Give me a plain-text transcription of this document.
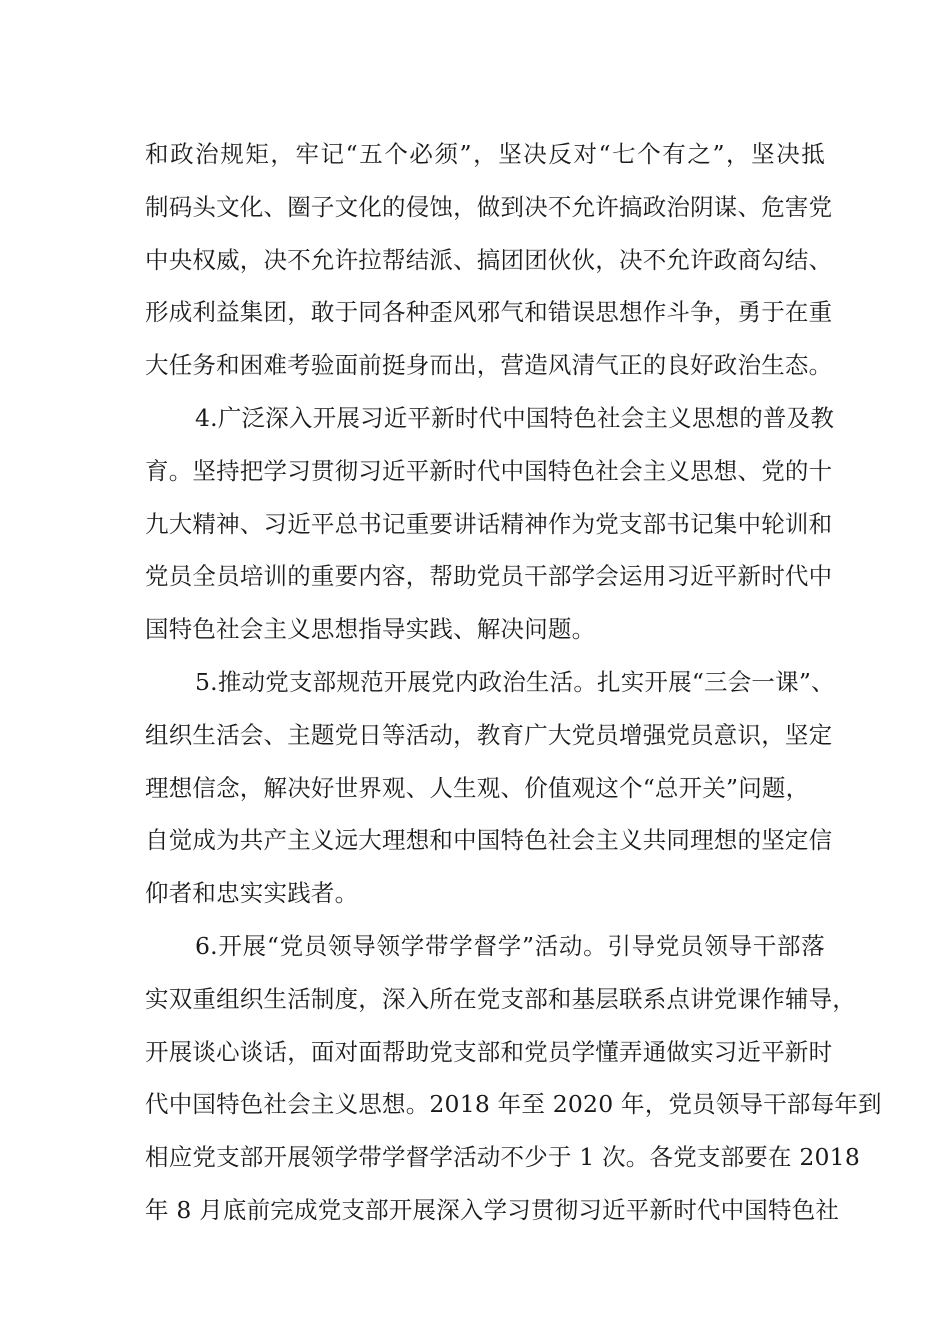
和政治规矩，牢记“五个必须”，坚决反对“七个有之”，坚决抵
制码头文化、圈子文化的侵蚀，做到决不允许搞政治阴谋、危害党
中央权威，决不允许拉帮结派、搞团团伙伙，决不允许政商勾结、
形成利益集团，敢于同各种歪风邪气和错误思想作斗争，勇于在重
大任务和困难考验面前挺身而出，营造风清气正的良好政治生态。
4.广泛深入开展习近平新时代中国特色社会主义思想的普及教
育。坚持把学习贯彻习近平新时代中国特色社会主义思想、党的十
九大精神、习近平总书记重要讲话精神作为党支部书记集中轮训和
党员全员培训的重要内容，帮助党员干部学会运用习近平新时代中
国特色社会主义思想指导实践、解决问题。
5.推动党支部规范开展党内政治生活。扎实开展“三会一课”、
组织生活会、主题党日等活动，教育广大党员增强党员意识，坚定
理想信念，解决好世界观、人生观、价值观这个“总开关”问题，
自觉成为共产主义远大理想和中国特色社会主义共同理想的坚定信
仰者和忠实实践者。
6.开展“党员领导领学带学督学”活动。引导党员领导干部落
实双重组织生活制度，深入所在党支部和基层联系点讲党课作辅导，
开展谈心谈话，面对面帮助党支部和党员学懂弄通做实习近平新时
代中国特色社会主义思想。2018 年至 2020 年，党员领导干部每年到
相应党支部开展领学带学督学活动不少于 1 次。各党支部要在 2018
年 8 月底前完成党支部开展深入学习贯彻习近平新时代中国特色社
